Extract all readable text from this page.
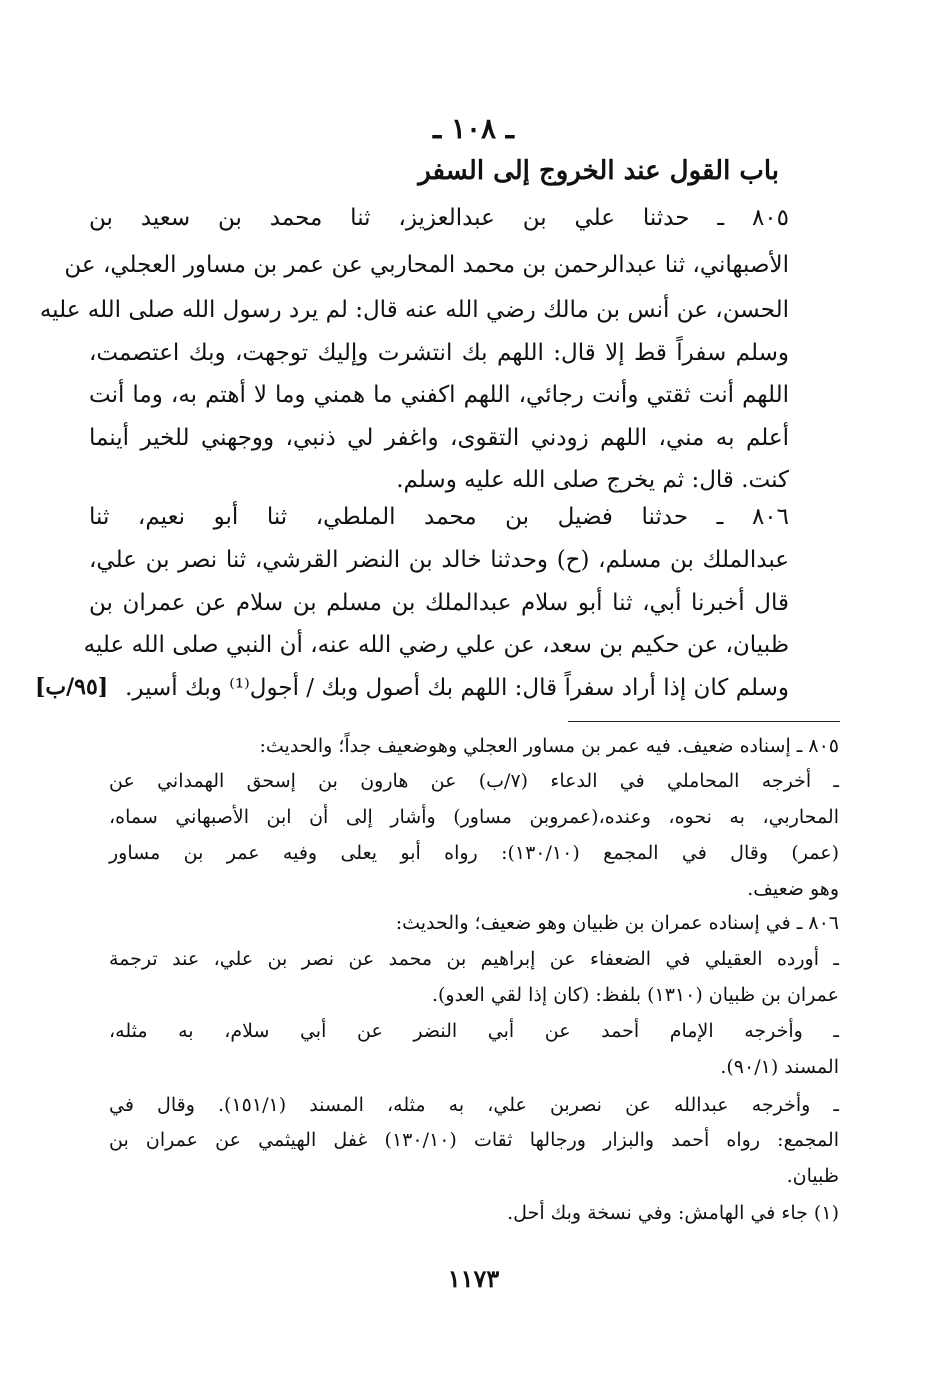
ـ ١٠٨ ـ
باب القول عند الخروج إلى السفر
٨٠٥ ـ حدثنا علي بن عبدالعزيز، ثنا محمد بن سعيد بن
الأصبهاني، ثنا عبدالرحمن بن محمد المحاربي عن عمر بن مساور العجلي، عن
الحسن، عن أنس بن مالك رضي الله عنه قال: لم يرد رسول الله صلى الله عليه
وسلم سفراً قط إلا قال: اللهم بك انتشرت وإليك توجهت، وبك اعتصمت،
اللهم أنت ثقتي وأنت رجائي، اللهم اكفني ما همني وما لا أهتم به، وما أنت
أعلم به مني، اللهم زودني التقوى، واغفر لي ذنبي، ووجهني للخير أينما
كنت. قال: ثم يخرج صلى الله عليه وسلم.
٨٠٦ ـ حدثنا فضيل بن محمد الملطي، ثنا أبو نعيم، ثنا
عبدالملك بن مسلم، (ح) وحدثنا خالد بن النضر القرشي، ثنا نصر بن علي،
قال أخبرنا أبي، ثنا أبو سلام عبدالملك بن مسلم بن سلام عن عمران بن
ظبيان، عن حكيم بن سعد، عن علي رضي الله عنه، أن النبي صلى الله عليه
وسلم كان إذا أراد سفراً قال: اللهم بك أصول وبك / أجول⁽¹⁾ وبك أسير.
[٩٥/ب]
٨٠٥ ـ إسناده ضعيف. فيه عمر بن مساور العجلي وهوضعيف جداً؛ والحديث:
ـ أخرجه المحاملي في الدعاء (٧/ب) عن هارون بن إسحق الهمداني عن
المحاربي، به نحوه، وعنده،(عمروبن مساور) وأشار إلى أن ابن الأصبهاني سماه،
(عمر) وقال في المجمع (١٣٠/١٠): رواه أبو يعلى وفيه عمر بن مساور
وهو ضعيف.
٨٠٦ ـ في إسناده عمران بن ظبيان وهو ضعيف؛ والحديث:
ـ أورده العقيلي في الضعفاء عن إبراهيم بن محمد عن نصر بن علي، عند ترجمة
عمران بن ظبيان (١٣١٠) بلفظ: (كان إذا لقي العدو).
ـ وأخرجه الإمام أحمد عن أبي النضر عن أبي سلام، به مثله،
المسند (٩٠/١).
ـ وأخرجه عبدالله عن نصربن علي، به مثله، المسند (١٥١/١). وقال في
المجمع: رواه أحمد والبزار ورجالها ثقات (١٣٠/١٠) غفل الهيثمي عن عمران بن
ظبيان.
(١) جاء في الهامش: وفي نسخة وبك أحل.
١١٧٣
